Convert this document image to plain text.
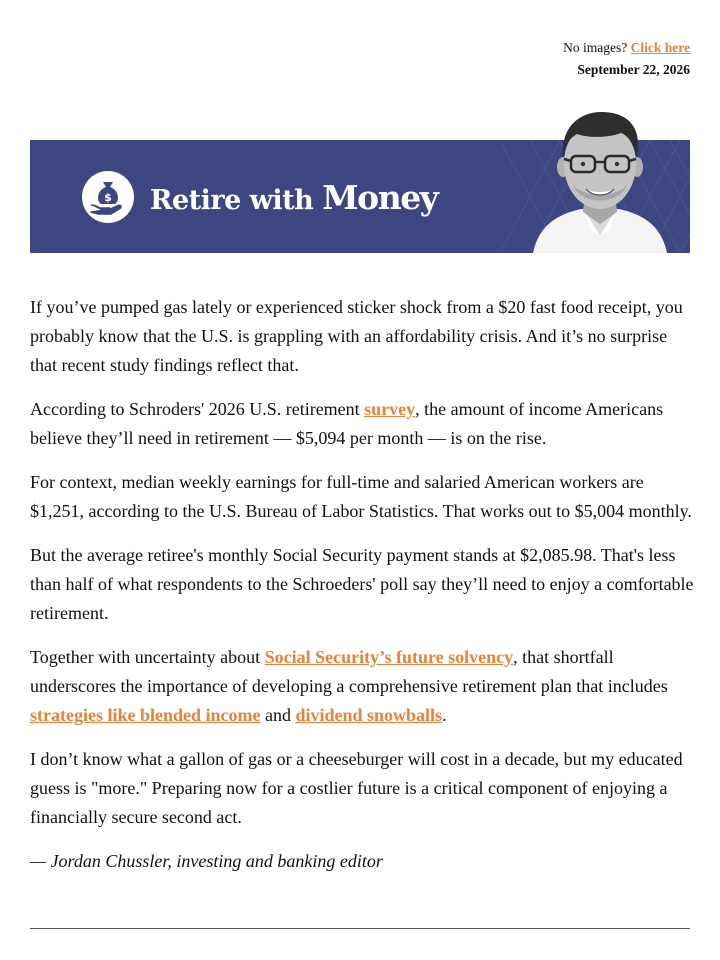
No images? Click here
September 22, 2026
$ Retire with Money

If you’ve pumped gas lately or experienced sticker shock from a $20 fast food receipt, you probably know that the U.S. is grappling with an affordability crisis. And it’s no surprise that recent study findings reflect that.

According to Schroders' 2026 U.S. retirement survey, the amount of income Americans believe they’ll need in retirement — $5,094 per month — is on the rise.

For context, median weekly earnings for full-time and salaried American workers are $1,251, according to the U.S. Bureau of Labor Statistics. That works out to $5,004 monthly.

But the average retiree's monthly Social Security payment stands at $2,085.98. That's less than half of what respondents to the Schroeders' poll say they’ll need to enjoy a comfortable retirement.

Together with uncertainty about Social Security’s future solvency, that shortfall underscores the importance of developing a comprehensive retirement plan that includes strategies like blended income and dividend snowballs.

I don’t know what a gallon of gas or a cheeseburger will cost in a decade, but my educated guess is "more." Preparing now for a costlier future is a critical component of enjoying a financially secure second act.

— Jordan Chussler, investing and banking editor
